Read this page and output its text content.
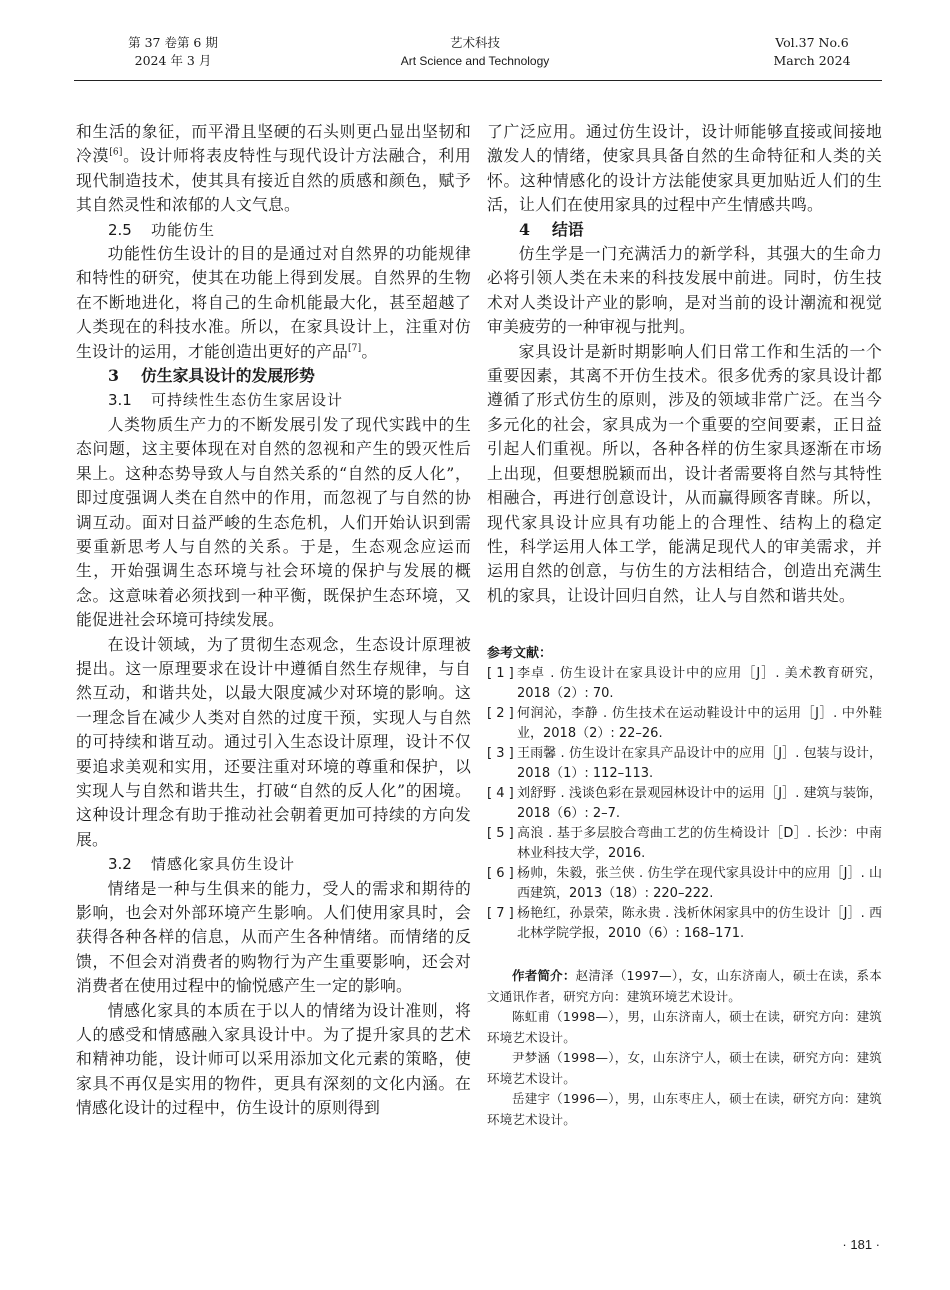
第 37 卷第 6 期
2024 年 3 月
艺术科技
Art Science and Technology
Vol.37 No.6
March 2024

和生活的象征，而平滑且坚硬的石头则更凸显出坚韧和冷漠[6]。设计师将表皮特性与现代设计方法融合，利用现代制造技术，使其具有接近自然的质感和颜色，赋予其自然灵性和浓郁的人文气息。

2.5 功能仿生

功能性仿生设计的目的是通过对自然界的功能规律和特性的研究，使其在功能上得到发展。自然界的生物在不断地进化，将自己的生命机能最大化，甚至超越了人类现在的科技水准。所以，在家具设计上，注重对仿生设计的运用，才能创造出更好的产品[7]。

3 仿生家具设计的发展形势
3.1 可持续性生态仿生家居设计

人类物质生产力的不断发展引发了现代实践中的生态问题，这主要体现在对自然的忽视和产生的毁灭性后果上。这种态势导致人与自然关系的“自然的反人化”，即过度强调人类在自然中的作用，而忽视了与自然的协调互动。面对日益严峻的生态危机，人们开始认识到需要重新思考人与自然的关系。于是，生态观念应运而生，开始强调生态环境与社会环境的保护与发展的概念。这意味着必须找到一种平衡，既保护生态环境，又能促进社会环境可持续发展。

在设计领域，为了贯彻生态观念，生态设计原理被提出。这一原理要求在设计中遵循自然生存规律，与自然互动，和谐共处，以最大限度减少对环境的影响。这一理念旨在减少人类对自然的过度干预，实现人与自然的可持续和谐互动。通过引入生态设计原理，设计不仅要追求美观和实用，还要注重对环境的尊重和保护，以实现人与自然和谐共生，打破“自然的反人化”的困境。这种设计理念有助于推动社会朝着更加可持续的方向发展。

3.2 情感化家具仿生设计

情绪是一种与生俱来的能力，受人的需求和期待的影响，也会对外部环境产生影响。人们使用家具时，会获得各种各样的信息，从而产生各种情绪。而情绪的反馈，不但会对消费者的购物行为产生重要影响，还会对消费者在使用过程中的愉悦感产生一定的影响。

情感化家具的本质在于以人的情绪为设计准则，将人的感受和情感融入家具设计中。为了提升家具的艺术和精神功能，设计师可以采用添加文化元素的策略，使家具不再仅是实用的物件，更具有深刻的文化内涵。在情感化设计的过程中，仿生设计的原则得到

了广泛应用。通过仿生设计，设计师能够直接或间接地激发人的情绪，使家具具备自然的生命特征和人类的关怀。这种情感化的设计方法能使家具更加贴近人们的生活，让人们在使用家具的过程中产生情感共鸣。

4 结语

仿生学是一门充满活力的新学科，其强大的生命力必将引领人类在未来的科技发展中前进。同时，仿生技术对人类设计产业的影响，是对当前的设计潮流和视觉审美疲劳的一种审视与批判。

家具设计是新时期影响人们日常工作和生活的一个重要因素，其离不开仿生技术。很多优秀的家具设计都遵循了形式仿生的原则，涉及的领域非常广泛。在当今多元化的社会，家具成为一个重要的空间要素，正日益引起人们重视。所以，各种各样的仿生家具逐渐在市场上出现，但要想脱颖而出，设计者需要将自然与其特性相融合，再进行创意设计，从而赢得顾客青睐。所以，现代家具设计应具有功能上的合理性、结构上的稳定性，科学运用人体工学，能满足现代人的审美需求，并运用自然的创意，与仿生的方法相结合，创造出充满生机的家具，让设计回归自然，让人与自然和谐共处。

参考文献：
[ 1 ] 李卓 . 仿生设计在家具设计中的应用［J］. 美术教育研究，2018（2）: 70.
[ 2 ] 何润沁，李静 . 仿生技术在运动鞋设计中的运用［J］. 中外鞋业，2018（2）: 22–26.
[ 3 ] 王雨馨 . 仿生设计在家具产品设计中的应用［J］. 包装与设计，2018（1）: 112–113.
[ 4 ] 刘舒野 . 浅谈色彩在景观园林设计中的运用［J］. 建筑与装饰，2018（6）: 2–7.
[ 5 ] 高浪 . 基于多层胶合弯曲工艺的仿生椅设计［D］. 长沙：中南林业科技大学，2016.
[ 6 ] 杨帅，朱毅，张兰侠 . 仿生学在现代家具设计中的应用［J］. 山西建筑，2013（18）: 220–222.
[ 7 ] 杨艳红，孙景荣，陈永贵 . 浅析休闲家具中的仿生设计［J］. 西北林学院学报，2010（6）: 168–171.

作者简介：赵清泽（1997—），女，山东济南人，硕士在读，系本文通讯作者，研究方向：建筑环境艺术设计。

陈虹甫（1998—），男，山东济南人，硕士在读，研究方向：建筑环境艺术设计。

尹梦涵（1998—），女，山东济宁人，硕士在读，研究方向：建筑环境艺术设计。

岳建宇（1996—），男，山东枣庄人，硕士在读，研究方向：建筑环境艺术设计。

· 181 ·
